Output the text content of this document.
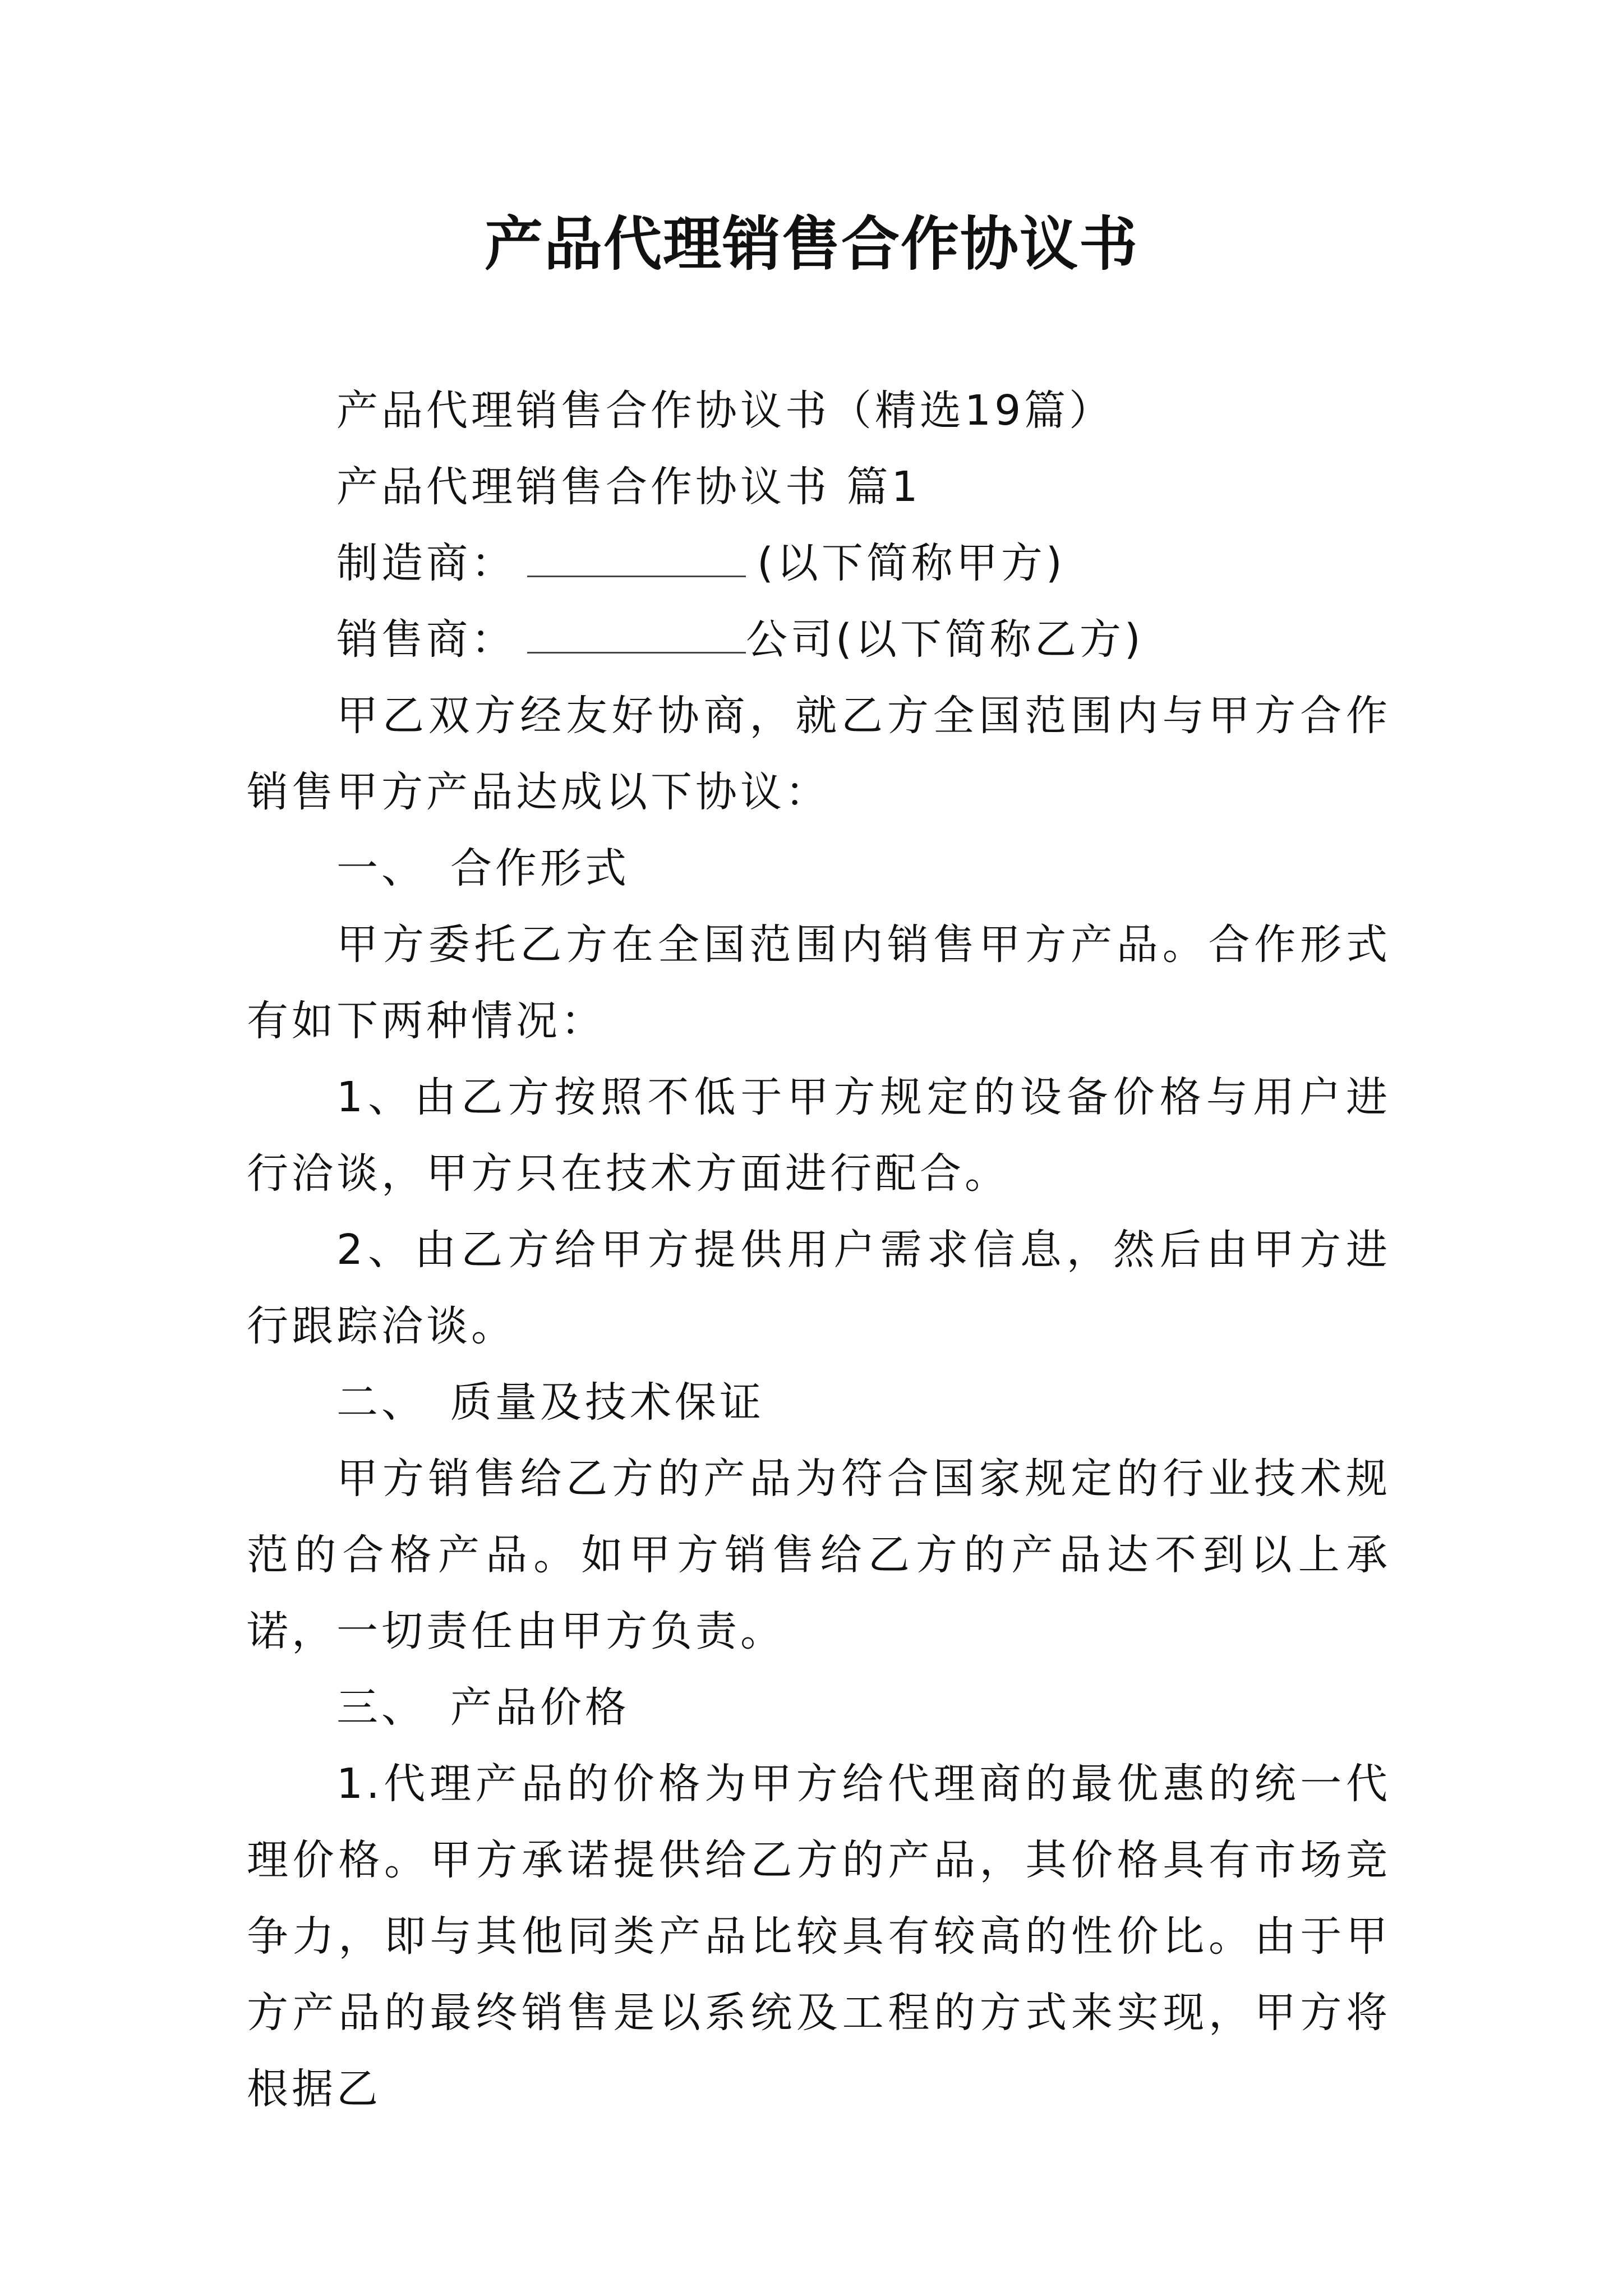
产品代理销售合作协议书

产品代理销售合作协议书（精选19篇）

产品代理销售合作协议书 篇1

制造商：	(以下简称甲方)

销售商：	公司(以下简称乙方)

甲乙双方经友好协商，就乙方全国范围内与甲方合作销售甲方产品达成以下协议：

一、　合作形式

甲方委托乙方在全国范围内销售甲方产品。合作形式有如下两种情况：

1、由乙方按照不低于甲方规定的设备价格与用户进行洽谈，甲方只在技术方面进行配合。

2、由乙方给甲方提供用户需求信息，然后由甲方进行跟踪洽谈。

二、　质量及技术保证

甲方销售给乙方的产品为符合国家规定的行业技术规范的合格产品。如甲方销售给乙方的产品达不到以上承诺，一切责任由甲方负责。

三、　产品价格

1.代理产品的价格为甲方给代理商的最优惠的统一代理价格。甲方承诺提供给乙方的产品，其价格具有市场竞争力，即与其他同类产品比较具有较高的性价比。由于甲方产品的最终销售是以系统及工程的方式来实现，甲方将根据乙
